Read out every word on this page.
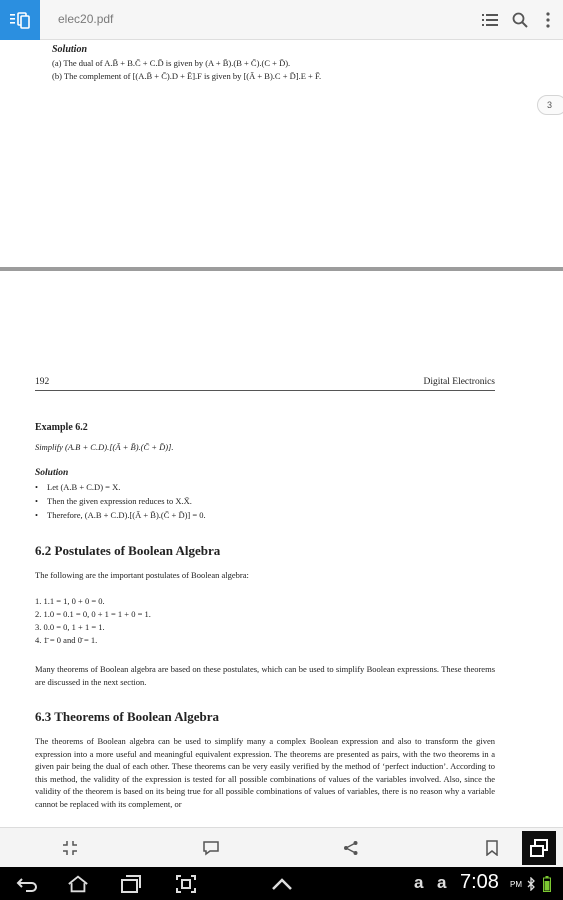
elec20.pdf
Solution
(a) The dual of A.B̄ + B.C̄ + C.D̄ is given by (A + B̄).(B + C̄).(C + D̄).
(b) The complement of [(A.B̄ + C̄).D + Ē].F is given by [(Ā + B).C + D̄].E + F̄.
3
192	Digital Electronics
Example 6.2
Simplify (A.B + C.D).[(Ā + B̄).(C̄ + D̄)].
Solution
• Let (A.B + C.D) = X.
• Then the given expression reduces to X.X̄.
• Therefore, (A.B + C.D).[(Ā + B̄).(C̄ + D̄)] = 0.
6.2 Postulates of Boolean Algebra
The following are the important postulates of Boolean algebra:
1. 1.1 = 1, 0 + 0 = 0.
2. 1.0 = 0.1 = 0, 0 + 1 = 1 + 0 = 1.
3. 0.0 = 0, 1 + 1 = 1.
4. 1̄ = 0 and 0̄ = 1.
Many theorems of Boolean algebra are based on these postulates, which can be used to simplify Boolean expressions. These theorems are discussed in the next section.
6.3 Theorems of Boolean Algebra
The theorems of Boolean algebra can be used to simplify many a complex Boolean expression and also to transform the given expression into a more useful and meaningful equivalent expression. The theorems are presented as pairs, with the two theorems in a given pair being the dual of each other. These theorems can be very easily verified by the method of ‘perfect induction’. According to this method, the validity of the expression is tested for all possible combinations of values of the variables involved. Also, since the validity of the theorem is based on its being true for all possible combinations of values of variables, there is no reason why a variable cannot be replaced with its complement, or
a a 7:08 PM
